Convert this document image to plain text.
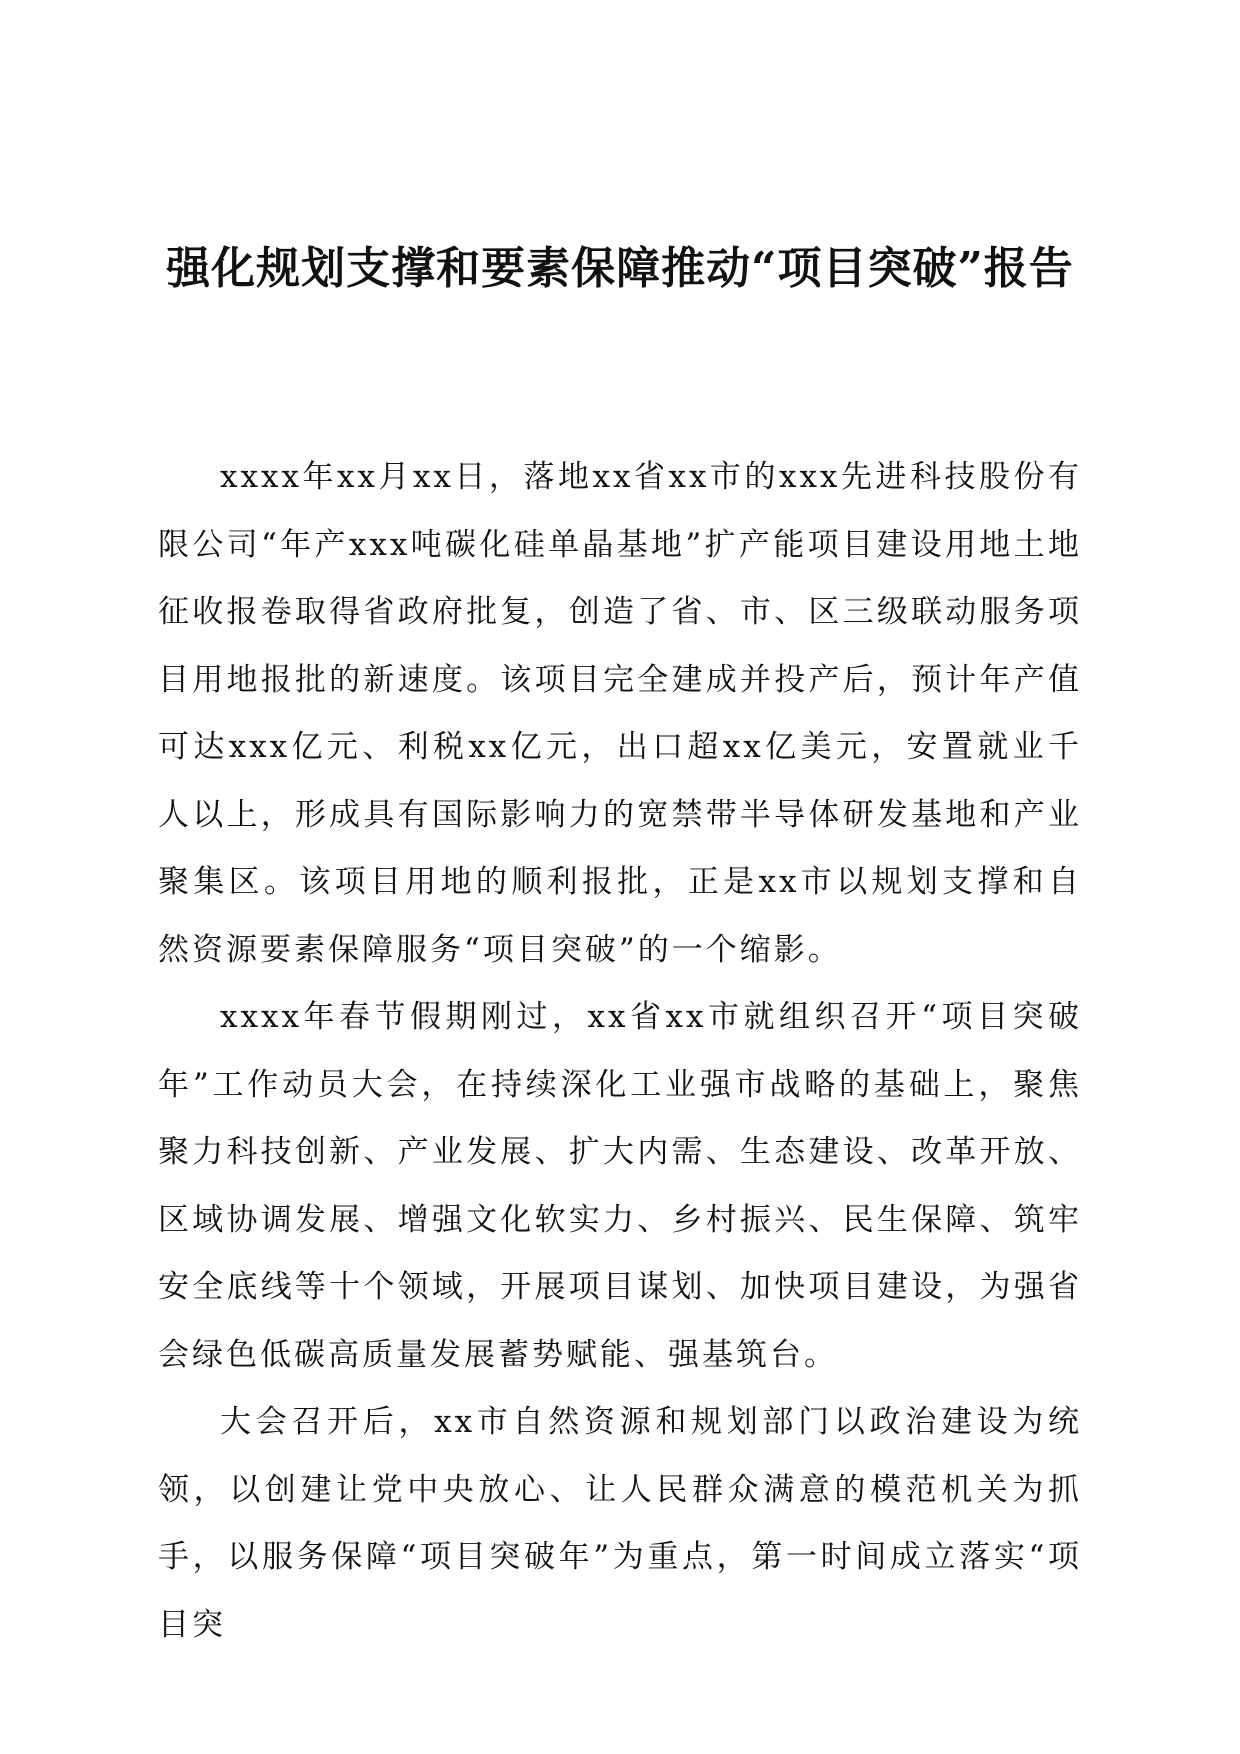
强化规划支撑和要素保障推动“项目突破”报告

xxxx年xx月xx日，落地xx省xx市的xxx先进科技股份有限公司“年产xxx吨碳化硅单晶基地”扩产能项目建设用地土地征收报卷取得省政府批复，创造了省、市、区三级联动服务项目用地报批的新速度。该项目完全建成并投产后，预计年产值可达xxx亿元、利税xx亿元，出口超xx亿美元，安置就业千人以上，形成具有国际影响力的宽禁带半导体研发基地和产业聚集区。该项目用地的顺利报批，正是xx市以规划支撑和自然资源要素保障服务“项目突破”的一个缩影。

xxxx年春节假期刚过，xx省xx市就组织召开“项目突破年”工作动员大会，在持续深化工业强市战略的基础上，聚焦聚力科技创新、产业发展、扩大内需、生态建设、改革开放、区域协调发展、增强文化软实力、乡村振兴、民生保障、筑牢安全底线等十个领域，开展项目谋划、加快项目建设，为强省会绿色低碳高质量发展蓄势赋能、强基筑台。

大会召开后，xx市自然资源和规划部门以政治建设为统领，以创建让党中央放心、让人民群众满意的模范机关为抓手，以服务保障“项目突破年”为重点，第一时间成立落实“项目突
